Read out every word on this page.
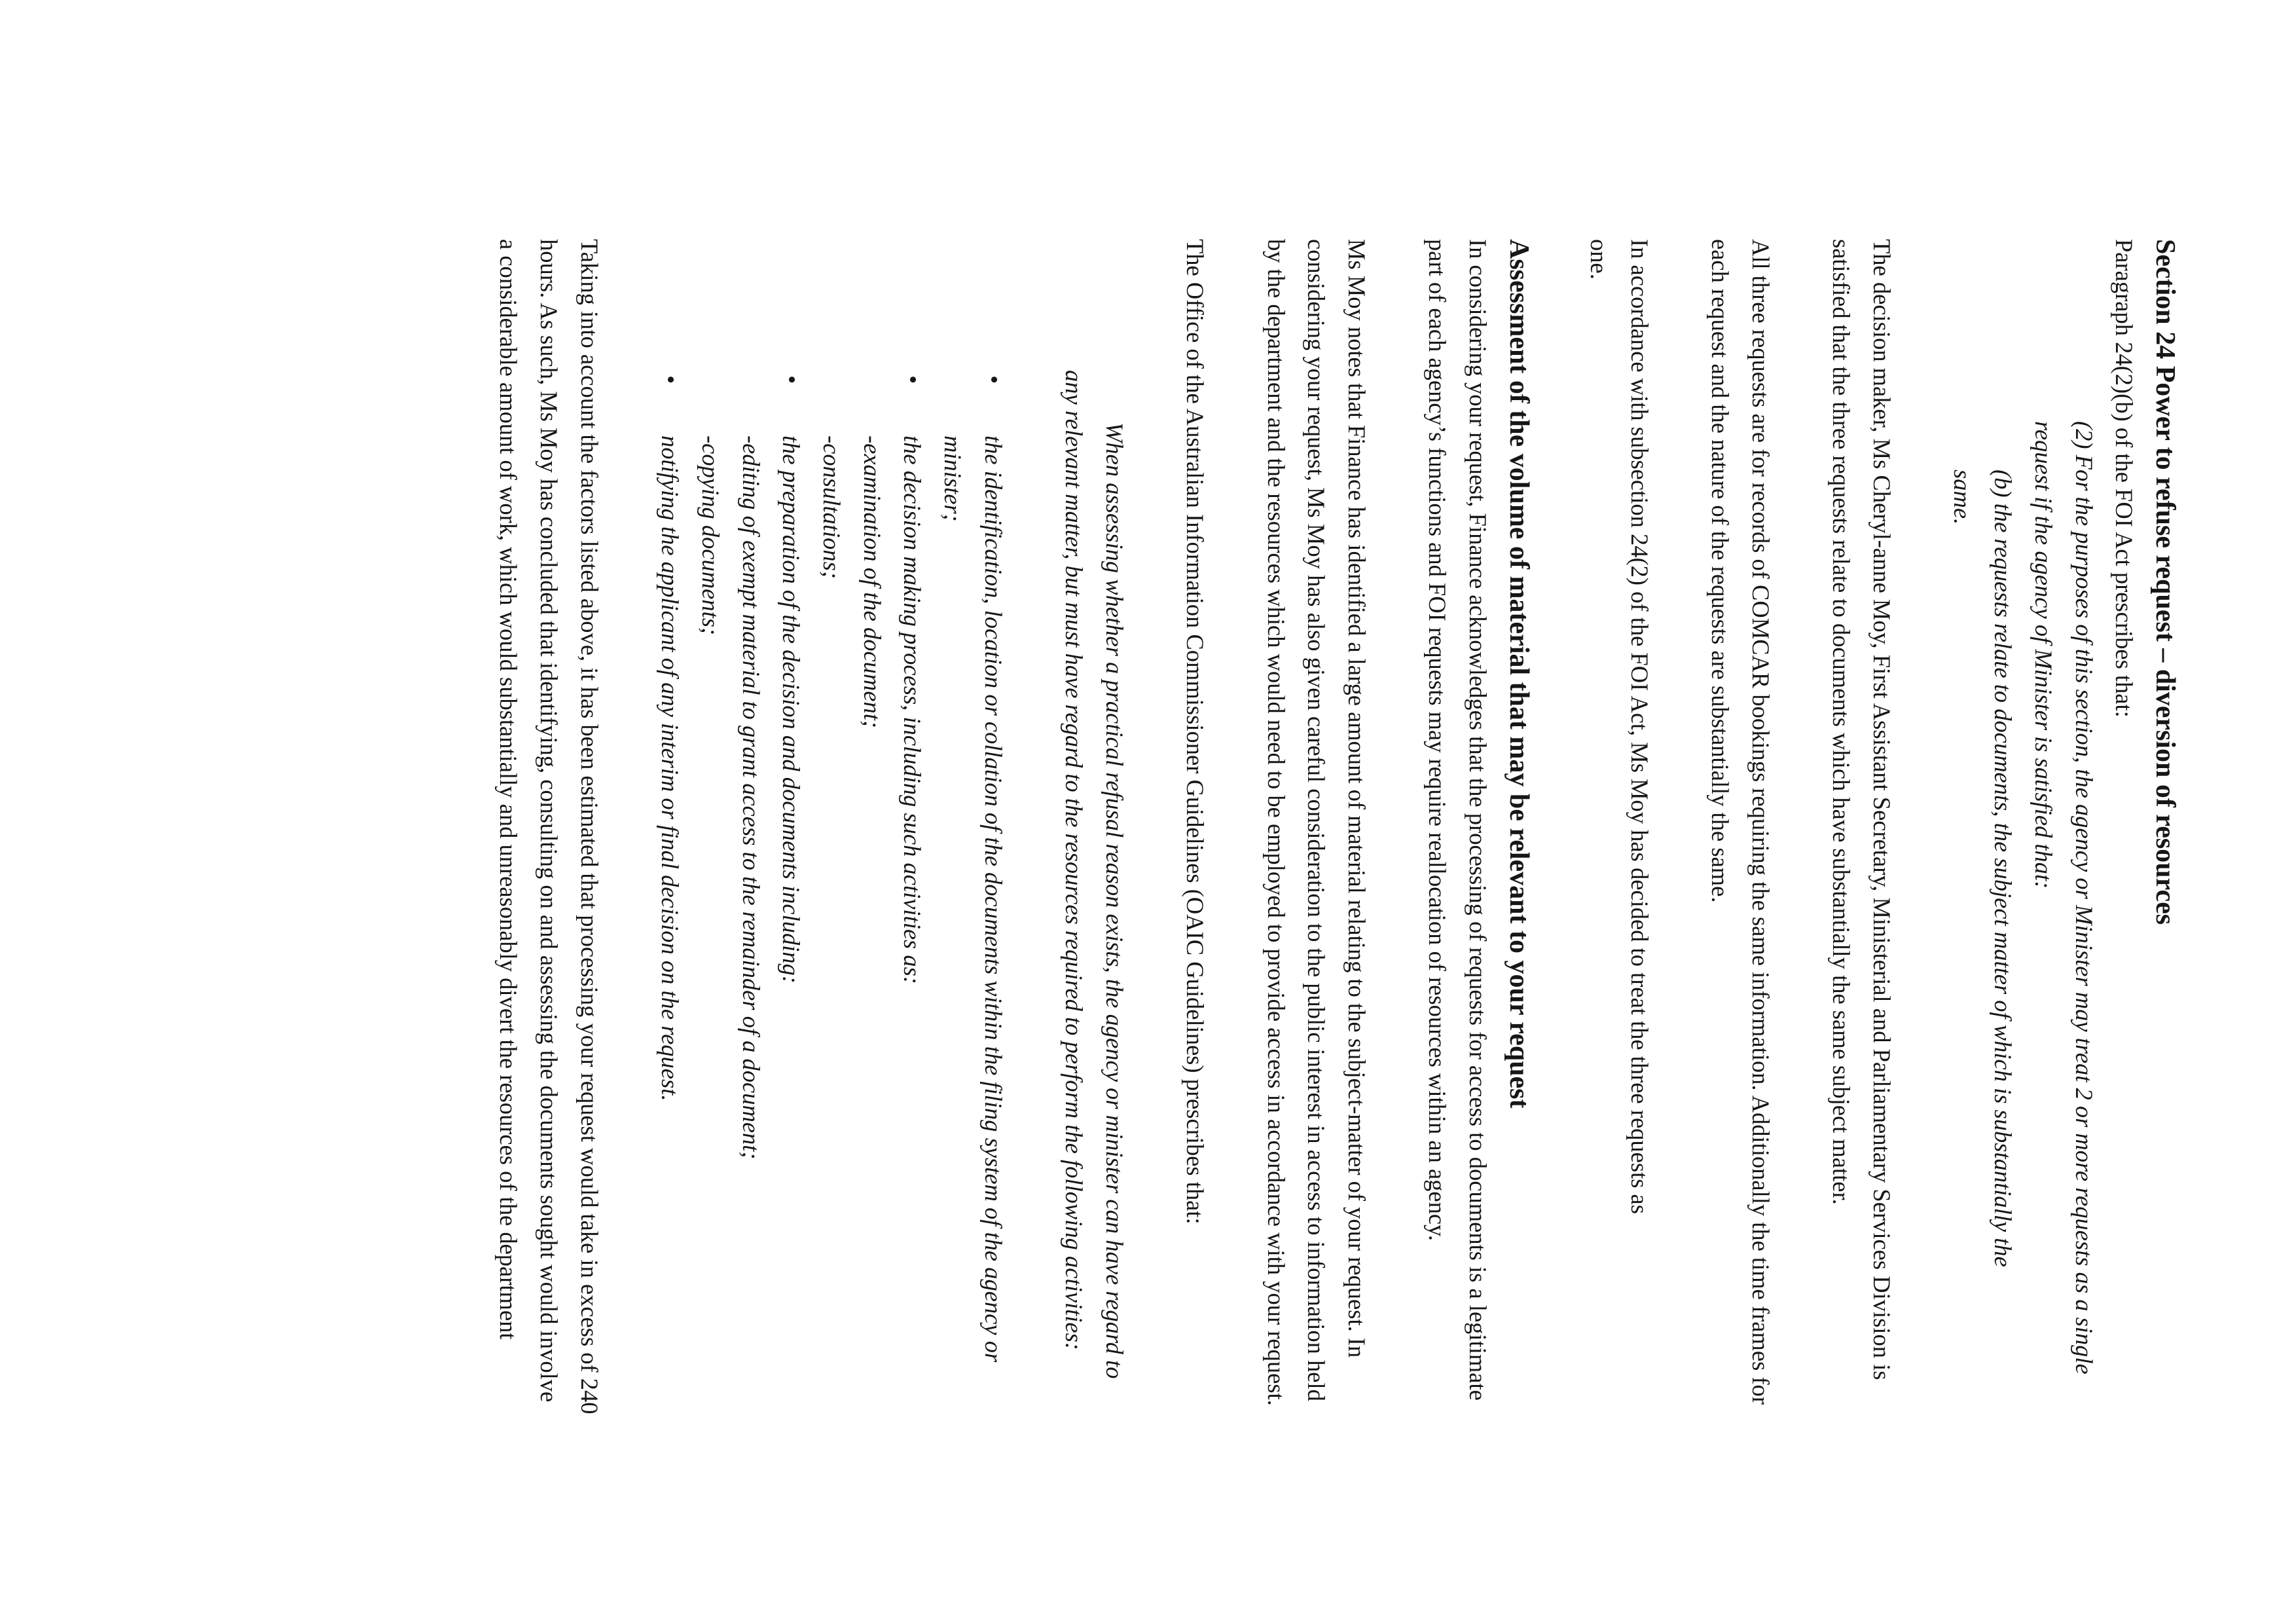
Section 24 Power to refuse request – diversion of resources

Paragraph 24(2)(b) of the FOI Act prescribes that:

(2) For the purposes of this section, the agency or Minister may treat 2 or more requests as a single request if the agency of Minister is satisfied that:
(b) the requests relate to documents, the subject matter of which is substantially the same.

The decision maker, Ms Cheryl-anne Moy, First Assistant Secretary, Ministerial and Parliamentary Services Division is satisfied that the three requests relate to documents which have substantially the same subject matter.

All three requests are for records of COMCAR bookings requiring the same information. Additionally the time frames for each request and the nature of the requests are substantially the same.

In accordance with subsection 24(2) of the FOI Act, Ms Moy has decided to treat the three requests as one.

Assessment of the volume of material that may be relevant to your request

In considering your request, Finance acknowledges that the processing of requests for access to documents is a legitimate part of each agency’s functions and FOI requests may require reallocation of resources within an agency.

Ms Moy notes that Finance has identified a large amount of material relating to the subject-matter of your request. In considering your request, Ms Moy has also given careful consideration to the public interest in access to information held by the department and the resources which would need to be employed to provide access in accordance with your request.

The Office of the Australian Information Commissioner Guidelines (OAIC Guidelines) prescribes that:

When assessing whether a practical refusal reason exists, the agency or minister can have regard to any relevant matter, but must have regard to the resources required to perform the following activities:
•
the identification, location or collation of the documents within the filing system of the agency or minister;
•
the decision making process, including such activities as:
-examination of the document;
-consultations;
•
the preparation of the decision and documents including:
-editing of exempt material to grant access to the remainder of a document;
-copying documents;
•
notifying the applicant of any interim or final decision on the request.

Taking into account the factors listed above, it has been estimated that processing your request would take in excess of 240 hours. As such, Ms Moy has concluded that identifying, consulting on and assessing the documents sought would involve a considerable amount of work, which would substantially and unreasonably divert the resources of the department
